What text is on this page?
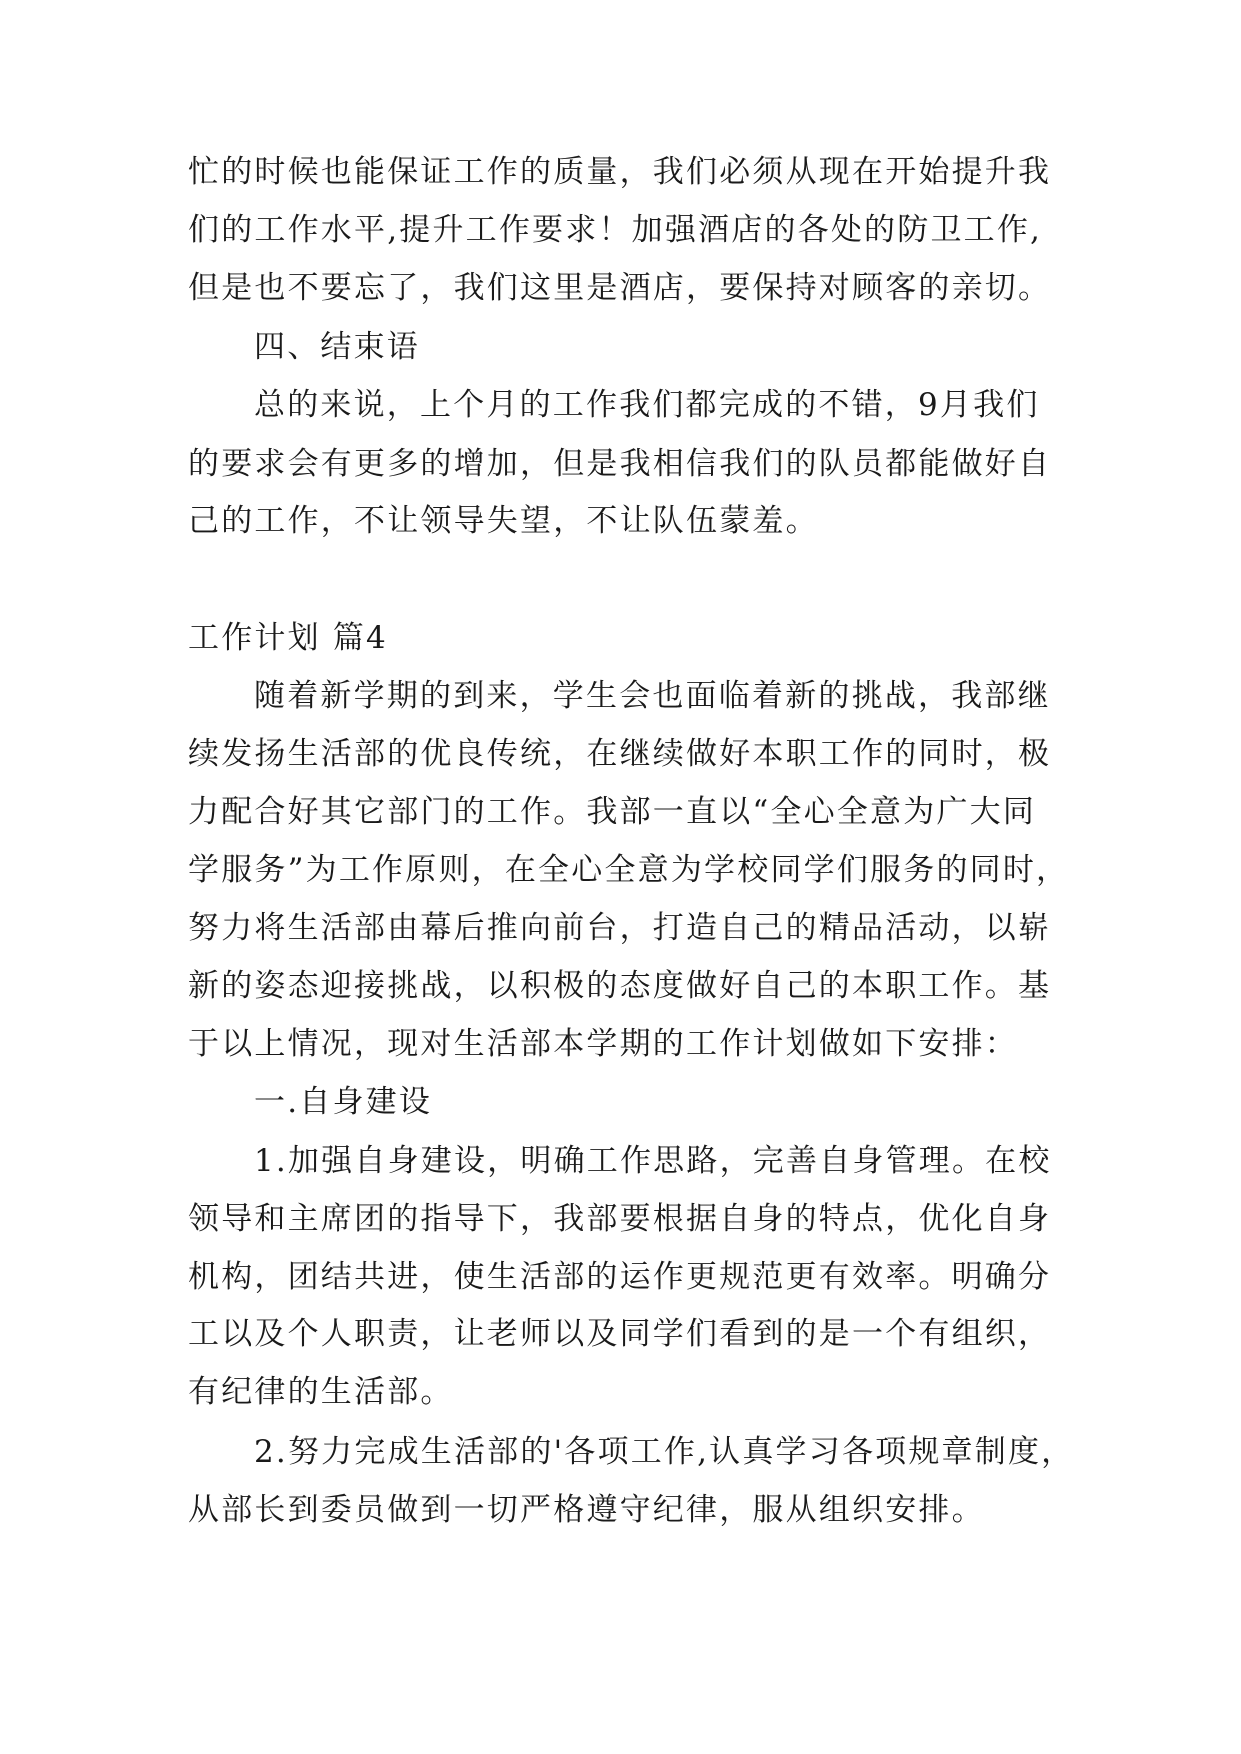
忙的时候也能保证工作的质量，我们必须从现在开始提升我
们的工作水平,提升工作要求！加强酒店的各处的防卫工作,
但是也不要忘了，我们这里是酒店，要保持对顾客的亲切。
四、结束语
总的来说，上个月的工作我们都完成的不错，9月我们
的要求会有更多的增加，但是我相信我们的队员都能做好自
己的工作，不让领导失望，不让队伍蒙羞。
工作计划 篇4
随着新学期的到来，学生会也面临着新的挑战，我部继
续发扬生活部的优良传统，在继续做好本职工作的同时，极
力配合好其它部门的工作。我部一直以“全心全意为广大同
学服务”为工作原则，在全心全意为学校同学们服务的同时，
努力将生活部由幕后推向前台，打造自己的精品活动，以崭
新的姿态迎接挑战，以积极的态度做好自己的本职工作。基
于以上情况，现对生活部本学期的工作计划做如下安排：
一.自身建设
1.加强自身建设，明确工作思路，完善自身管理。在校
领导和主席团的指导下，我部要根据自身的特点，优化自身
机构，团结共进，使生活部的运作更规范更有效率。明确分
工以及个人职责，让老师以及同学们看到的是一个有组织，
有纪律的生活部。
2.努力完成生活部的'各项工作,认真学习各项规章制度，
从部长到委员做到一切严格遵守纪律，服从组织安排。
